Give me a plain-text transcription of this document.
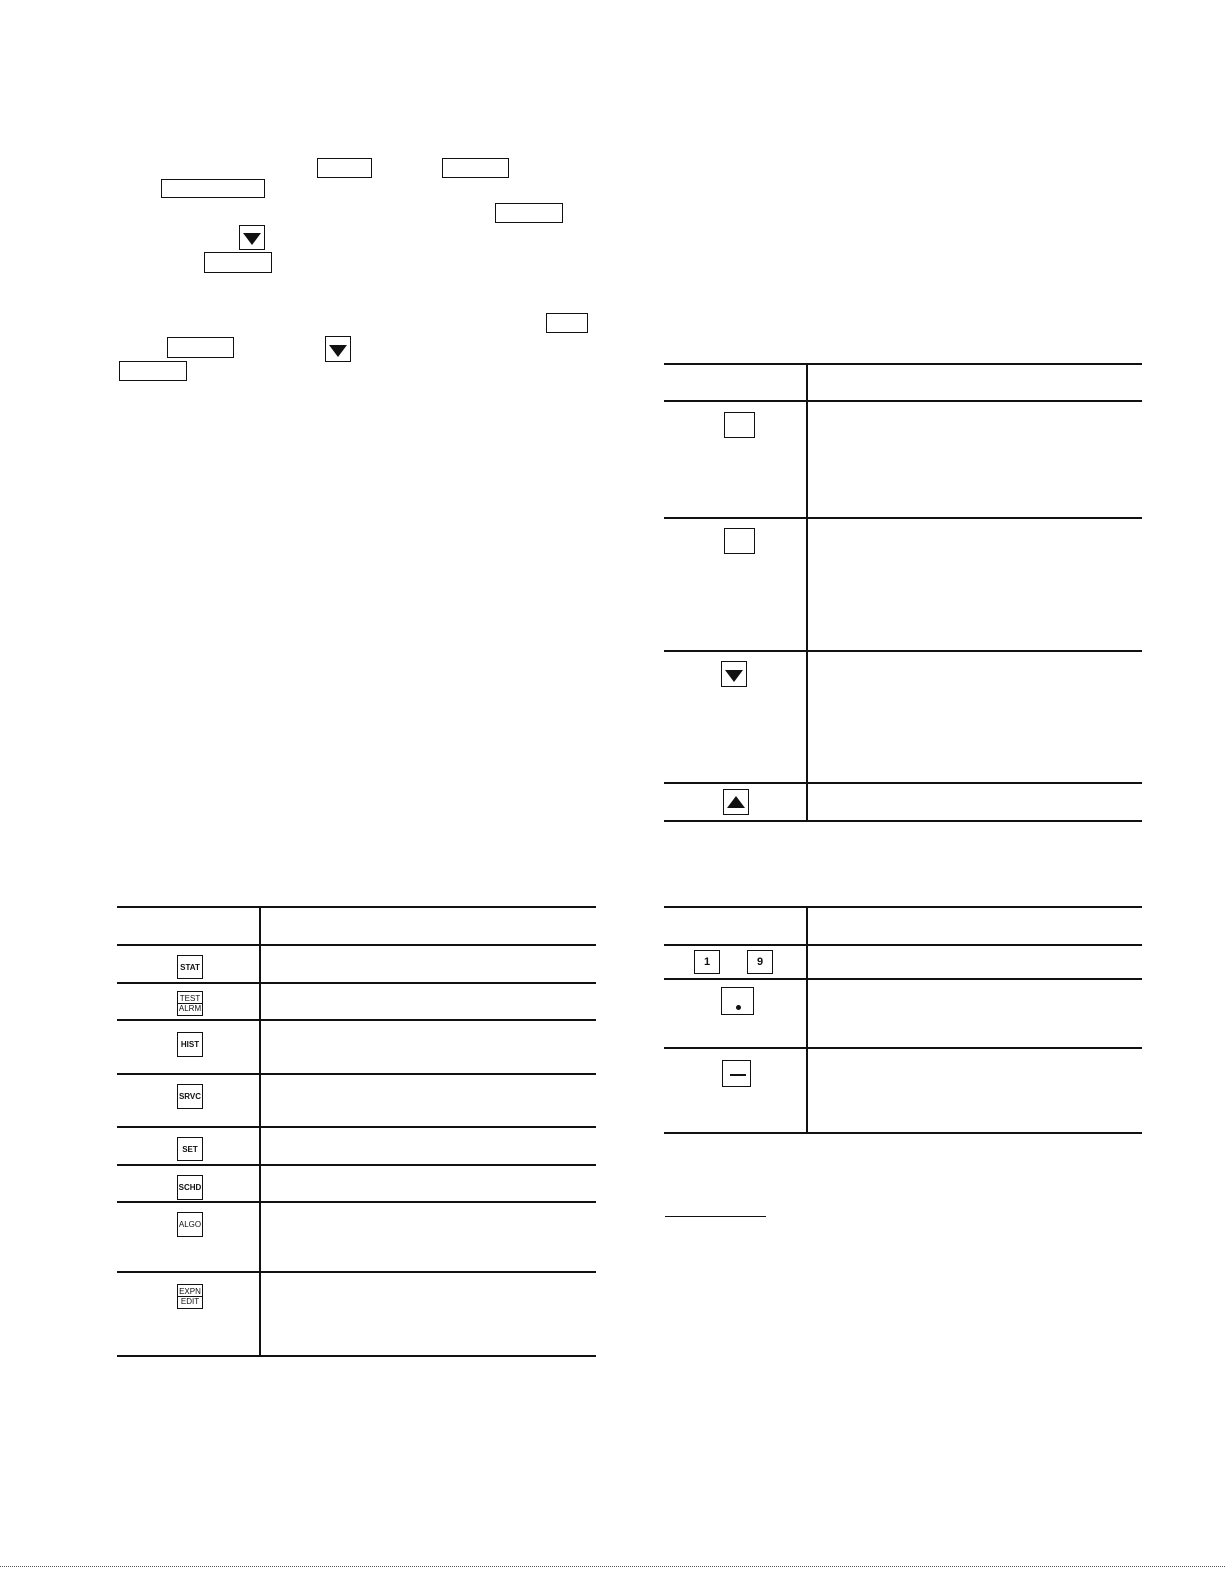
STAT
TEST
ALRM
HIST
SRVC
SET
SCHD
ALGO
EXPN
EDIT
1	9
